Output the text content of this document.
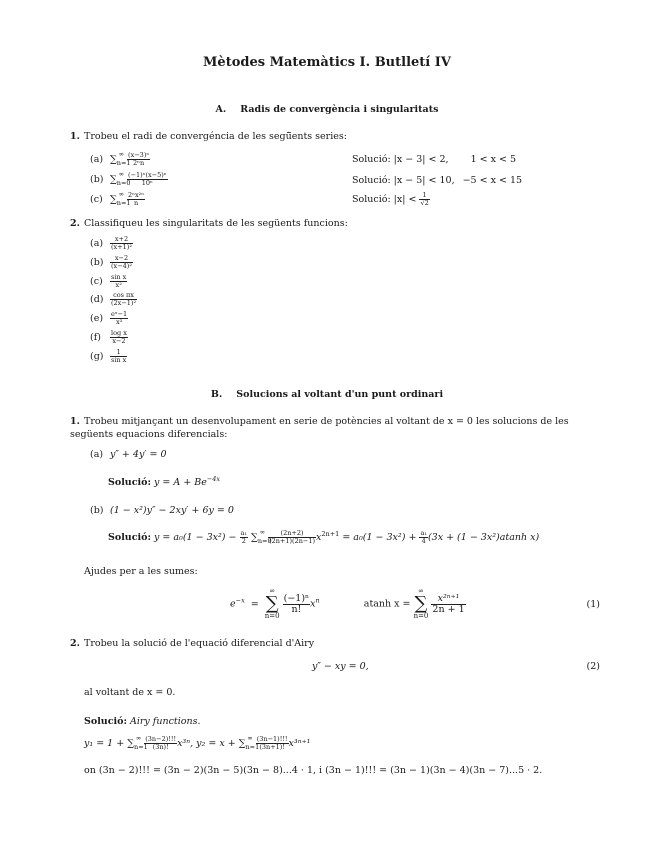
Mètodes Matemàtics I. Butlletí IV
A. Radis de convergència i singularitats
1. Trobeu el radi de convergéncia de les segü̈ents series:
(a) $\sum_{n=1}^\infty \frac{\text{(x−3)ⁿ}}{\text{2ⁿn}}$	Solució: |x − 3| < 2, 1 < x < 5
(b) $\sum_{n=0}^\infty \frac{\text{(−1)ⁿ(x−5)ⁿ}}{\text{10ⁿ}}$	Solució: |x − 5| < 10, −5 < x < 15
(c) $\sum_{n=1}^\infty \frac{\text{2ⁿx²ⁿ}}{n}$	Solució: $|x| < \frac{1}{√2}$
2. Classifiqueu les singularitats de les següents funcions:
$(a) \frac{x+2}{\text{(x+1)²}}$
$(b) \frac{x-2}{\text{(x−4)²}}$
$(c) \frac{\text{sin x}}{\text{x²}}$
$(d) \frac{\text{cos πx}}{\text{(2x−1)²}}$
$(e) \frac{\text{eˣ−1}}{\text{x³}}$
$(f) \frac{\text{log x}}{x-2}$
$(g) \frac{1}{\text{sin x}}$
B. Solucions al voltant d'un punt ordinari
1. Trobeu mitjançant un desenvolupament en serie de potències al voltant de x = 0 les solucions de les següents equacions diferencials:
(a) y″ + 4y′ = 0
Solució: $y = A + Be^{-4x}$
(b) (1 − x²)y″ − 2xy′ + 6y = 0
Solució: $y = a_0(1 - 3x^2) - \frac{\text{a₁}}{2} \sum_{n=0}^\infty \frac{(2n+2)}{(2n+1)(2n-1)} x^{2n+1} = a_0(1 - 3x^2) + \frac{\text{a₁}}{4} (3x + (1 - 3x^2)atanh$ x)
Ajudes per a les sumes:
$e^{-x}$ =
∞
∑
n=0

$\frac{\text{(−1)ⁿ}}{n!} x^n$	atanh x =
∞
∑
n=0

$\frac{\text{x²ⁿ⁺¹}}{2n + 1}$	(1)
2. Trobeu la solució de l'equació diferencial d'Airy
y″ − xy = 0,	(2)
al voltant de x = 0.
Solució: Airy functions.
$y_1 = 1 + \sum_{n=1}^\infty \frac{(3n-2)!!!}{(3n)!} x^{3n}$, $y_2 = x + \sum_{n=1}^\infty \frac{(3n-1)!!!}{(3n+1)!} x^{3n+1}$
on (3n − 2)!!! = (3n − 2)(3n − 5)(3n − 8)...4 · 1, i (3n − 1)!!! = (3n − 1)(3n − 4)(3n − 7)...5 · 2.
